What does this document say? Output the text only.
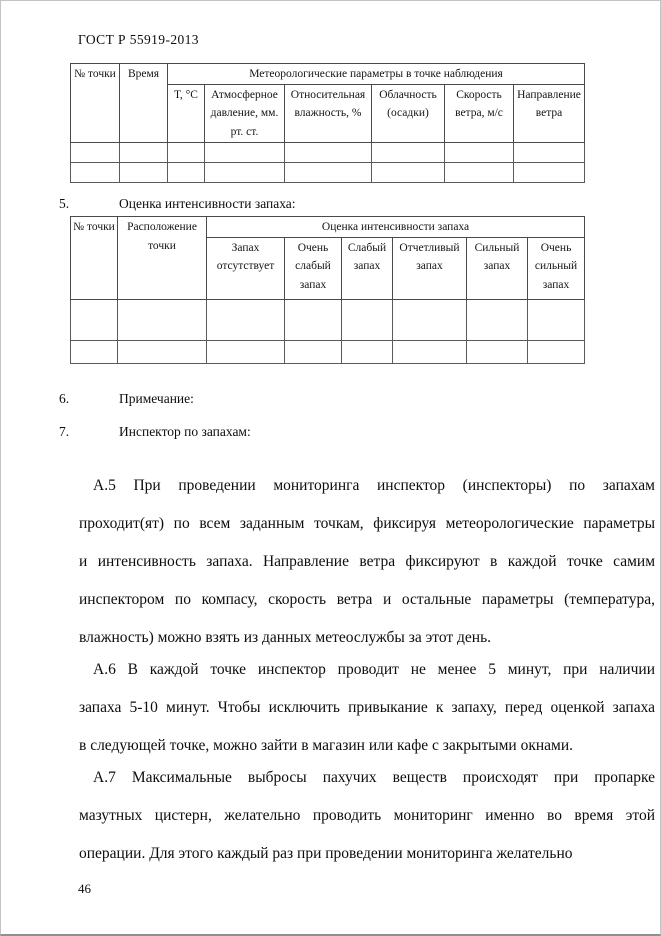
ГОСТ Р 55919-2013
№ точки	Время	Метеорологические параметры в точке наблюдения					
		Т, °С	Атмосферное давление, мм. рт. ст.	Относительная влажность, %	Облачность (осадки)	Скорость ветра, м/с	Направление ветра

5.	Оценка интенсивности запаха:
№ точки	Расположение точки	Оценка интенсивности запаха					
		Запах отсутствует	Очень слабый запах	Слабый запах	Отчетливый запах	Сильный запах	Очень сильный запах

6.	Примечание:
7.	Инспектор по запахам:
А.5 При проведении мониторинга инспектор (инспекторы) по запахам
проходит(ят) по всем заданным точкам, фиксируя метеорологические параметры
и интенсивность запаха. Направление ветра фиксируют в каждой точке самим
инспектором по компасу, скорость ветра и остальные параметры (температура,
влажность) можно взять из данных метеослужбы за этот день.
А.6 В каждой точке инспектор проводит не менее 5 минут, при наличии
запаха 5-10 минут. Чтобы исключить привыкание к запаху, перед оценкой запаха
в следующей точке, можно зайти в магазин или кафе с закрытыми окнами.
А.7 Максимальные выбросы пахучих веществ происходят при пропарке
мазутных цистерн, желательно проводить мониторинг именно во время этой
операции. Для этого каждый раз при проведении мониторинга желательно
46
